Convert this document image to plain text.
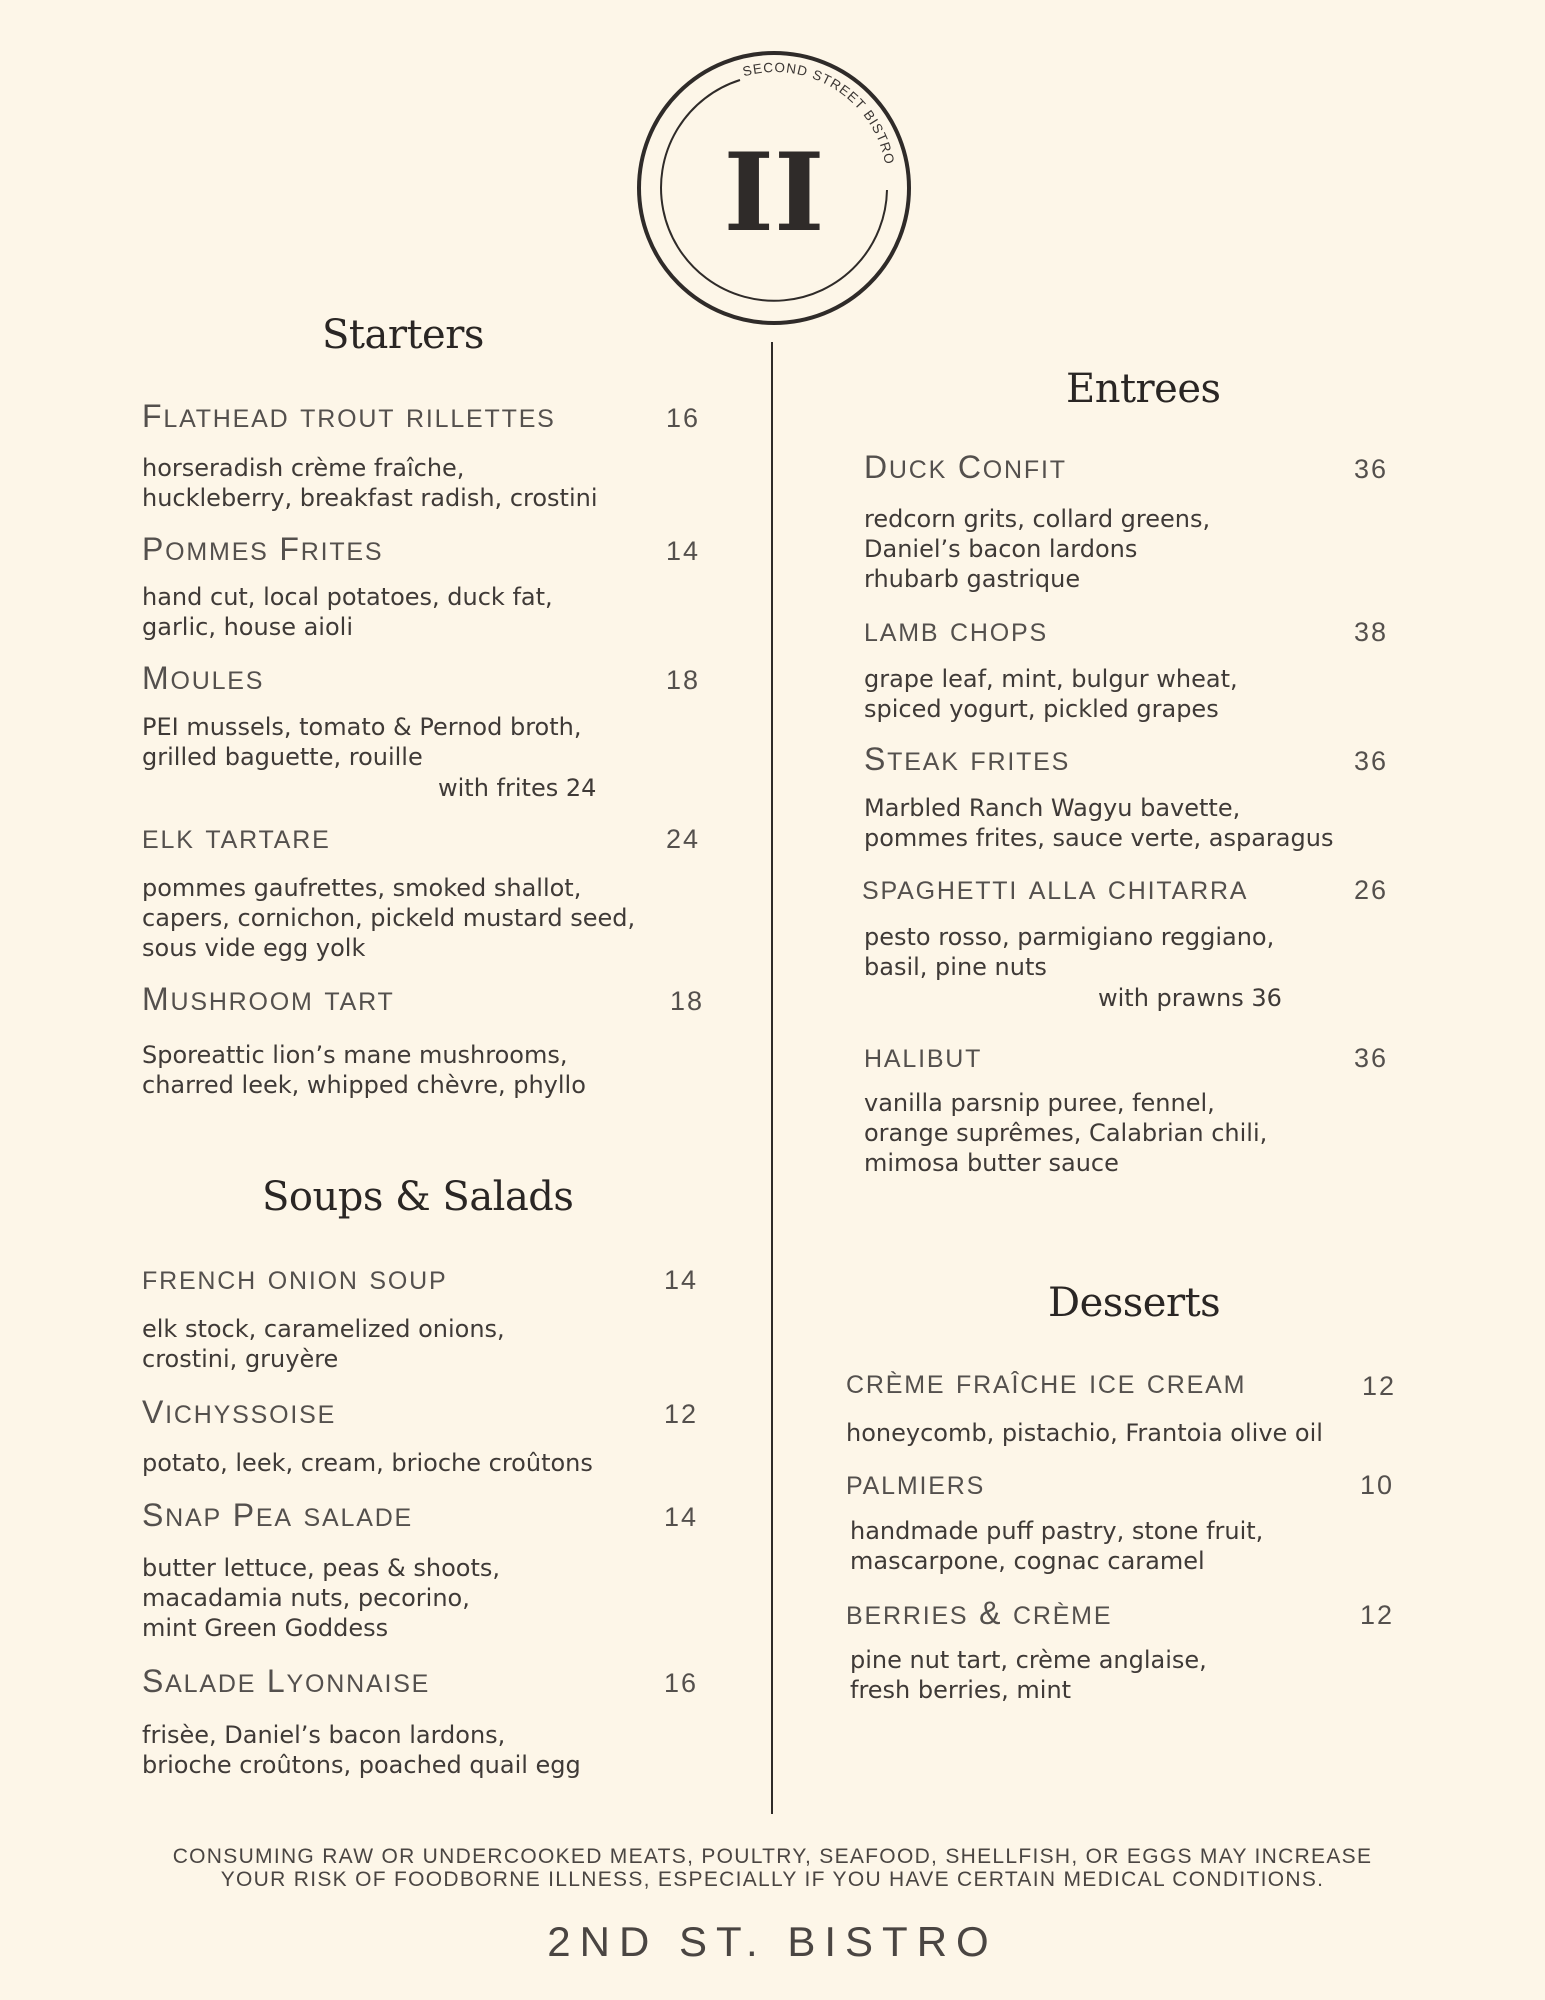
SECOND STREET BISTRO
II
Starters
FLATHEAD TROUT RILLETTES	16
horseradish crème fraîche,
huckleberry, breakfast radish, crostini
POMMES FRITES	14
hand cut, local potatoes, duck fat,
garlic, house aioli
MOULES	18
PEI mussels, tomato & Pernod broth,
grilled baguette, rouille
with frites 24
ELK TARTARE	24
pommes gaufrettes, smoked shallot,
capers, cornichon, pickeld mustard seed,
sous vide egg yolk
MUSHROOM TART	18
Sporeattic lion’s mane mushrooms,
charred leek, whipped chèvre, phyllo
Soups & Salads
FRENCH ONION SOUP	14
elk stock, caramelized onions,
crostini, gruyère
VICHYSSOISE	12
potato, leek, cream, brioche croûtons
SNAP PEA SALADE	14
butter lettuce, peas & shoots,
macadamia nuts, pecorino,
mint Green Goddess
SALADE LYONNAISE	16
frisèe, Daniel’s bacon lardons,
brioche croûtons, poached quail egg
Entrees
DUCK CONFIT	36
redcorn grits, collard greens,
Daniel’s bacon lardons
rhubarb gastrique
LAMB CHOPS	38
grape leaf, mint, bulgur wheat,
spiced yogurt, pickled grapes
STEAK FRITES	36
Marbled Ranch Wagyu bavette,
pommes frites, sauce verte, asparagus
SPAGHETTI ALLA CHITARRA	26
pesto rosso, parmigiano reggiano,
basil, pine nuts
with prawns 36
HALIBUT	36
vanilla parsnip puree, fennel,
orange suprêmes, Calabrian chili,
mimosa butter sauce
Desserts
CRÈME FRAÎCHE ICE CREAM	12
honeycomb, pistachio, Frantoia olive oil
PALMIERS	10
handmade puff pastry, stone fruit,
mascarpone, cognac caramel
BERRIES & CRÈME	12
pine nut tart, crème anglaise,
fresh berries, mint
CONSUMING RAW OR UNDERCOOKED MEATS, POULTRY, SEAFOOD, SHELLFISH, OR EGGS MAY INCREASE
YOUR RISK OF FOODBORNE ILLNESS, ESPECIALLY IF YOU HAVE CERTAIN MEDICAL CONDITIONS.
2ND ST. BISTRO
